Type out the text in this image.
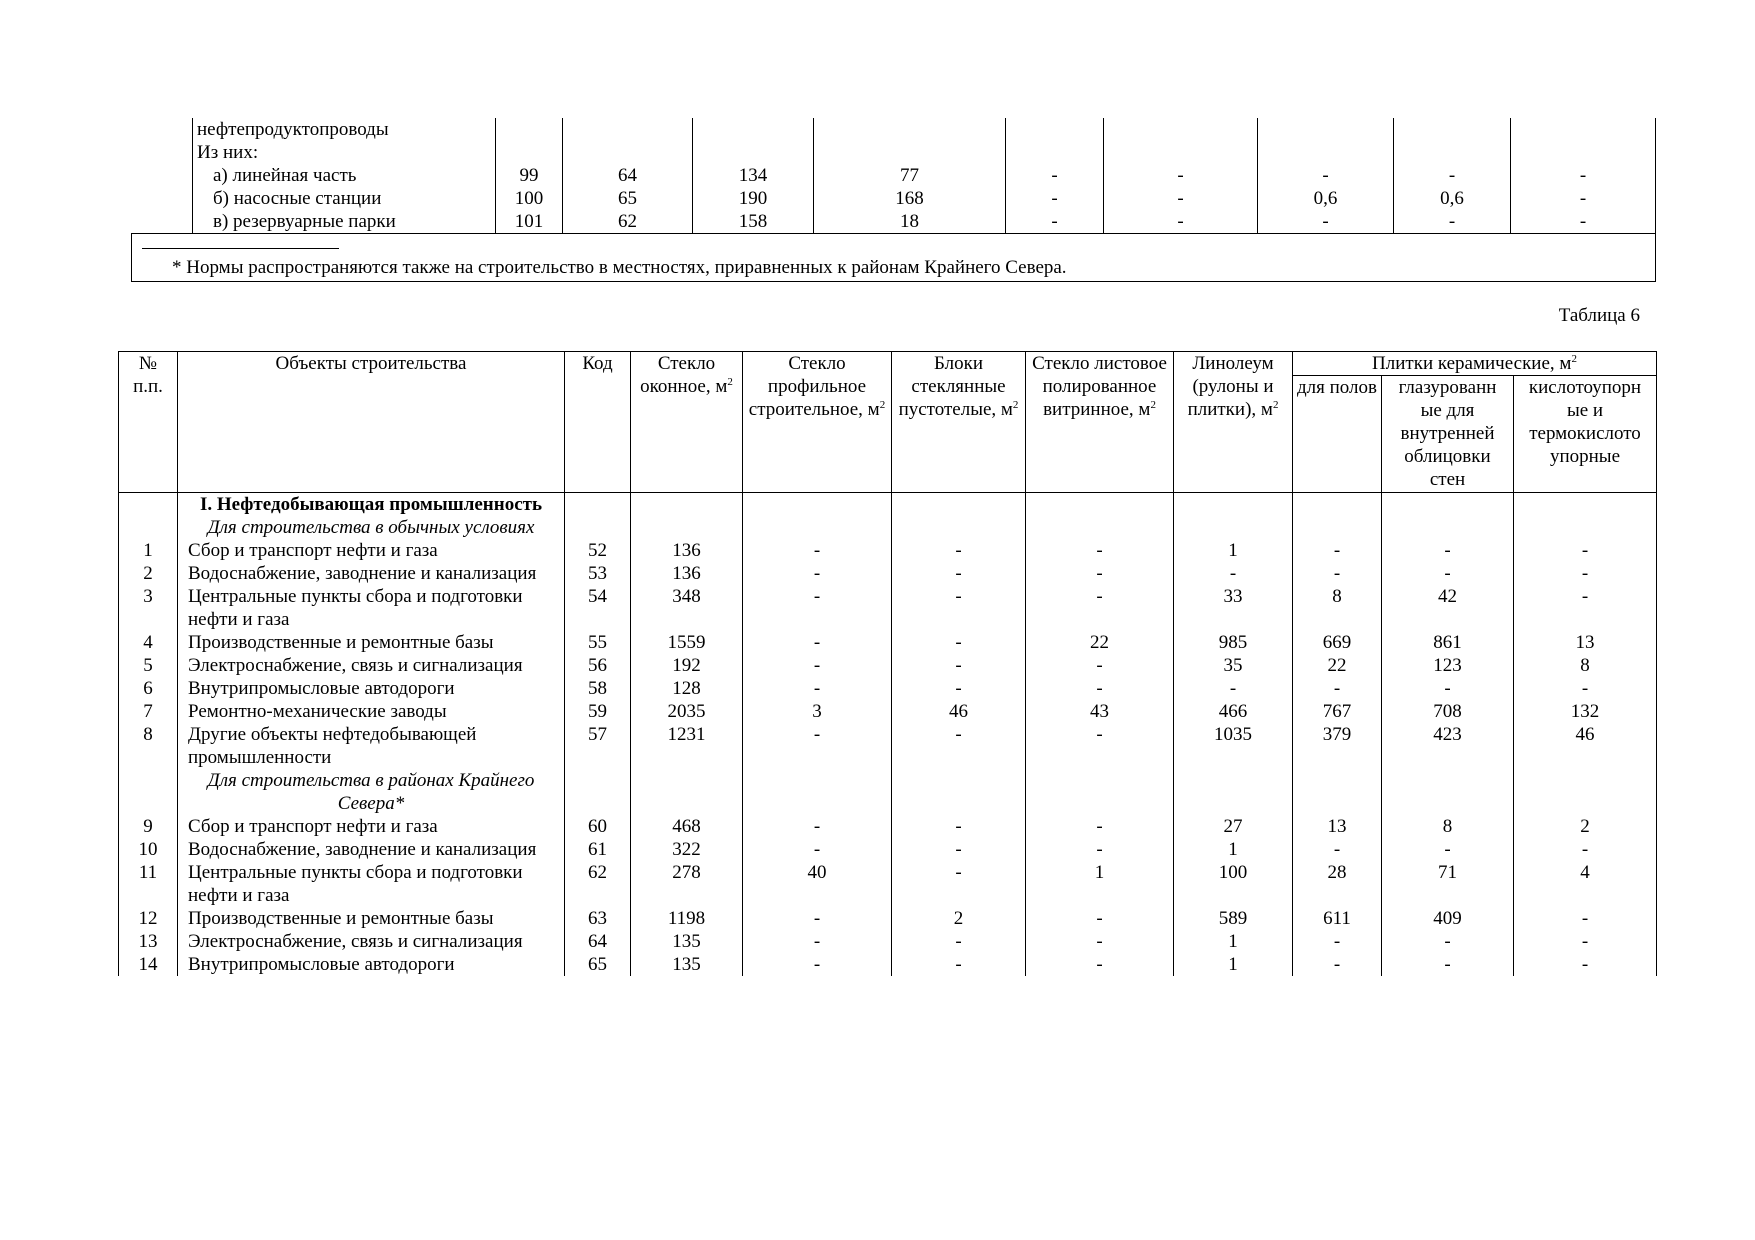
	нефтепродуктопроводы									
	Из них:									
	а) линейная часть	99	64	134	77	-	-	-	-	-
	б) насосные станции	100	65	190	168	-	-	0,6	0,6	-
	в) резервуарные парки	101	62	158	18	-	-	-	-	-

* Нормы распространяются также на строительство в местностях, приравненных к районам Крайнего Севера.										
Таблица 6
№ п.п.	Объекты строительства	Код	Стекло оконное, $м^2$	Стекло профильное строительное, $м^2$	Блоки стеклянные пустотелые, $м^2$	Стекло листовое полированное витринное, $м^2$	Линолеум (рулоны и плитки), $м^2$	Плитки керамические, $м^2$
								для полов	глазурованн ые для внутренней облицовки стен	кислотоупорн ые и термокислото упорные
	I. Нефтедобывающая промышленность									
	Для строительства в обычных условиях									
1	Сбор и транспорт нефти и газа	52	136	-	-	-	1	-	-	-
2	Водоснабжение, заводнение и канализация	53	136	-	-	-	-	-	-	-
3	Центральные пункты сбора и подготовки нефти и газа	54	348	-	-	-	33	8	42	-
4	Производственные и ремонтные базы	55	1559	-	-	22	985	669	861	13
5	Электроснабжение, связь и сигнализация	56	192	-	-	-	35	22	123	8
6	Внутрипромысловые автодороги	58	128	-	-	-	-	-	-	-
7	Ремонтно-механические заводы	59	2035	3	46	43	466	767	708	132
8	Другие объекты нефтедобывающей промышленности	57	1231	-	-	-	1035	379	423	46
	Для строительства в районах Крайнего Севера*									
9	Сбор и транспорт нефти и газа	60	468	-	-	-	27	13	8	2
10	Водоснабжение, заводнение и канализация	61	322	-	-	-	1	-	-	-
11	Центральные пункты сбора и подготовки нефти и газа	62	278	40	-	1	100	28	71	4
12	Производственные и ремонтные базы	63	1198	-	2	-	589	611	409	-
13	Электроснабжение, связь и сигнализация	64	135	-	-	-	1	-	-	-
14	Внутрипромысловые автодороги	65	135	-	-	-	1	-	-	-
